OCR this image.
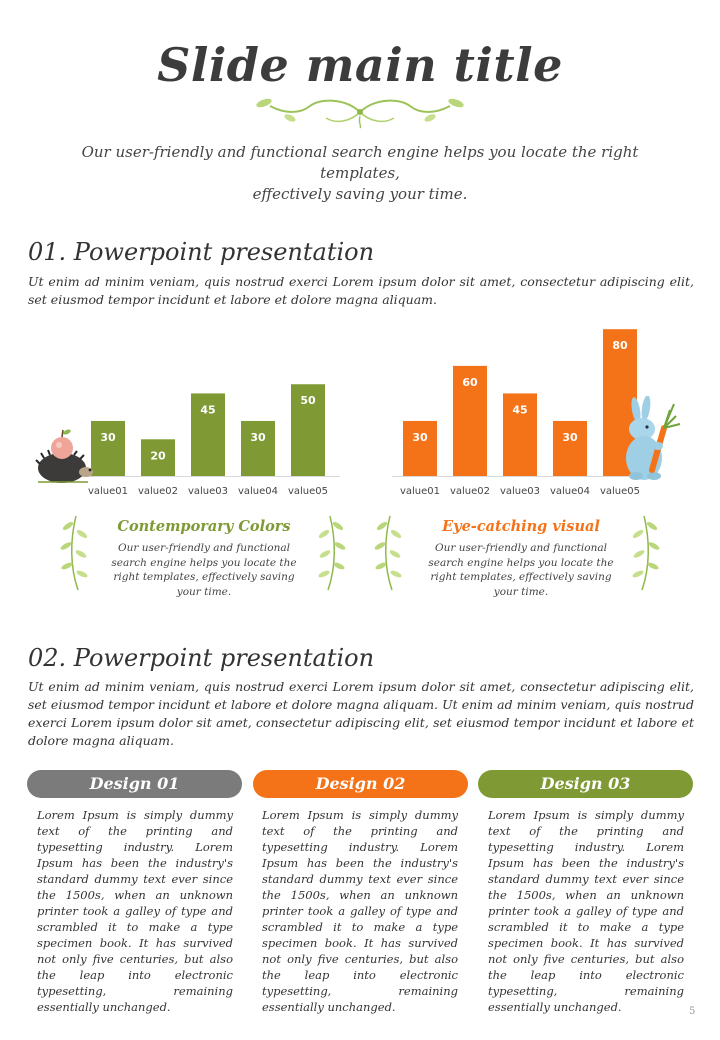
Slide main title
Our user-friendly and functional search engine helps you locate the right templates,
effectively saving your time.
01. Powerpoint presentation
Ut enim ad minim veniam, quis nostrud exerci Lorem ipsum dolor sit amet, consectetur adipiscing elit, set eiusmod tempor incidunt et labore et dolore magna aliquam.
30
value01
20
value02
45
value03
30
value04
50
value05
30
value01
60
value02
45
value03
30
value04
80
value05
Contemporary Colors
Our user-friendly and functional
search engine helps you locate the
right templates, effectively saving
your time.
Eye-catching visual
Our user-friendly and functional
search engine helps you locate the
right templates, effectively saving
your time.
02. Powerpoint presentation
Ut enim ad minim veniam, quis nostrud exerci Lorem ipsum dolor sit amet, consectetur adipiscing elit, set eiusmod tempor incidunt et labore et dolore magna aliquam. Ut enim ad minim veniam, quis nostrud exerci Lorem ipsum dolor sit amet, consectetur adipiscing elit, set eiusmod tempor incidunt et labore et dolore magna aliquam.
Design 01	Design 02	Design 03
Lorem Ipsum is simply dummy text of the printing and typesetting industry. Lorem Ipsum has been the industry's standard dummy text ever since the 1500s, when an unknown printer took a galley of type and scrambled it to make a type specimen book. It has survived not only five centuries, but also the leap into electronic typesetting, remaining essentially unchanged.
Lorem Ipsum is simply dummy text of the printing and typesetting industry. Lorem Ipsum has been the industry's standard dummy text ever since the 1500s, when an unknown printer took a galley of type and scrambled it to make a type specimen book. It has survived not only five centuries, but also the leap into electronic typesetting, remaining essentially unchanged.
Lorem Ipsum is simply dummy text of the printing and typesetting industry. Lorem Ipsum has been the industry's standard dummy text ever since the 1500s, when an unknown printer took a galley of type and scrambled it to make a type specimen book. It has survived not only five centuries, but also the leap into electronic typesetting, remaining essentially unchanged.	5
